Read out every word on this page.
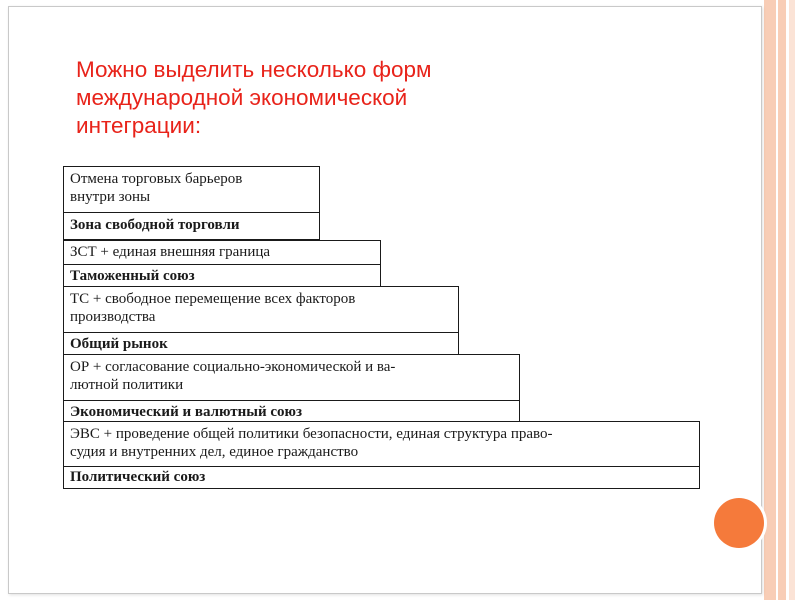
Можно выделить несколько форм
международной экономической
интеграции:
Отмена торговых барьеров
внутри зоны
Зона свободной торговли
ЗСТ + единая внешняя граница
Таможенный союз
ТС + свободное перемещение всех факторов
производства
Общий рынок
ОР + согласование социально-экономической и ва-
лютной политики
Экономический и валютный союз
ЭВС + проведение общей политики безопасности, единая структура право-
судия и внутренних дел, единое гражданство
Политический союз
